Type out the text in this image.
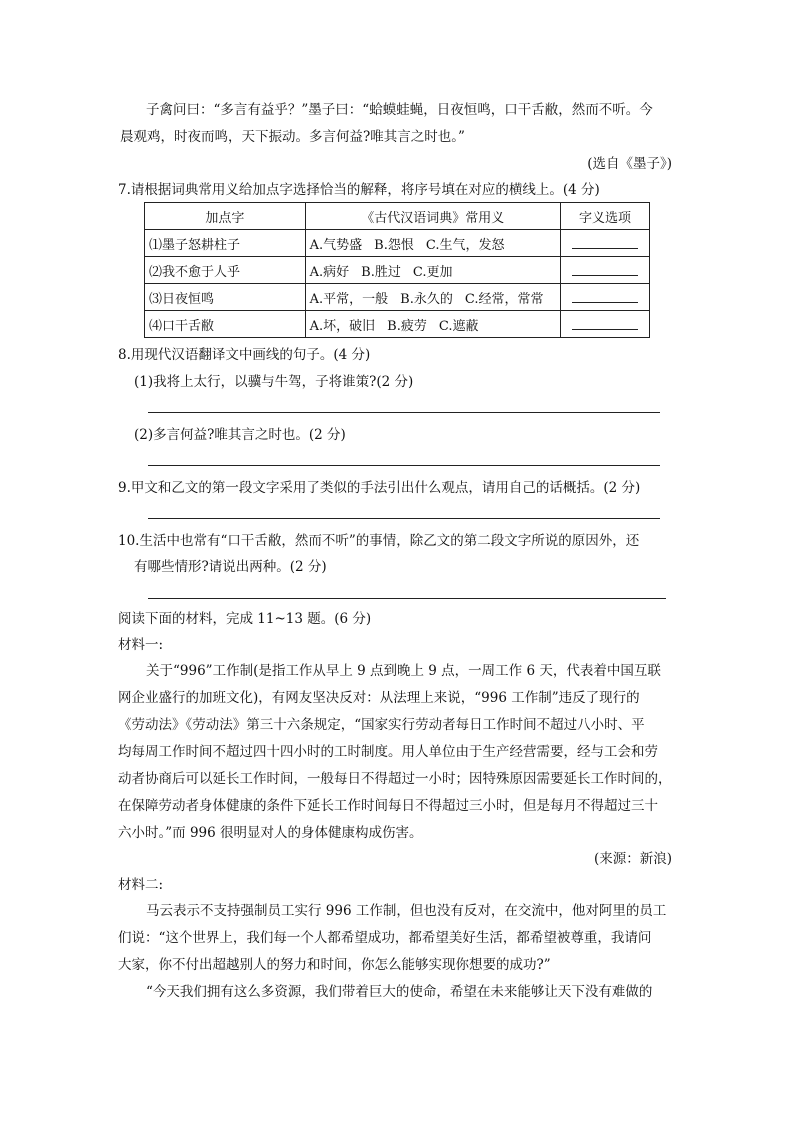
子禽问曰：“多言有益乎？”墨子曰：“蛤蟆蛙蝇，日夜恒鸣，口干舌敝，然而不听。今
晨观鸡，时夜而鸣，天下振动。多言何益?唯其言之时也。”
(选自《墨子》)
7.请根据词典常用义给加点字选择恰当的解释，将序号填在对应的横线上。(4 分)
加点字	《古代汉语词典》常用义	字义选项
⑴墨子怒耕柱子	A.气势盛 B.怨恨 C.生气，发怒	
⑵我不愈于人乎	A.病好 B.胜过 C.更加	
⑶日夜恒鸣	A.平常，一般 B.永久的 C.经常，常常	
⑷口干舌敝	A.坏，破旧 B.疲劳 C.遮蔽	
8.用现代汉语翻译文中画线的句子。(4 分)
(1)我将上太行，以骥与牛驾，子将谁策?(2 分)
(2)多言何益?唯其言之时也。(2 分)
9.甲文和乙文的第一段文字采用了类似的手法引出什么观点，请用自己的话概括。(2 分)
10.生活中也常有“口干舌敝，然而不听”的事情，除乙文的第二段文字所说的原因外，还
有哪些情形?请说出两种。(2 分)
阅读下面的材料，完成 11~13 题。(6 分)
材料一:
关于“996”工作制(是指工作从早上 9 点到晚上 9 点，一周工作 6 天，代表着中国互联
网企业盛行的加班文化)，有网友坚决反对：从法理上来说，“996 工作制”违反了现行的
《劳动法》《劳动法》第三十六条规定，“国家实行劳动者每日工作时间不超过八小时、平
均每周工作时间不超过四十四小时的工时制度。用人单位由于生产经营需要，经与工会和劳
动者协商后可以延长工作时间，一般每日不得超过一小时；因特殊原因需要延长工作时间的，
在保障劳动者身体健康的条件下延长工作时间每日不得超过三小时，但是每月不得超过三十
六小时。”而 996 很明显对人的身体健康构成伤害。
(来源：新浪)
材料二:
马云表示不支持强制员工实行 996 工作制，但也没有反对，在交流中，他对阿里的员工
们说：“这个世界上，我们每一个人都希望成功，都希望美好生活，都希望被尊重，我请问
大家，你不付出超越别人的努力和时间，你怎么能够实现你想要的成功?”
“今天我们拥有这么多资源，我们带着巨大的使命，希望在未来能够让天下没有难做的
